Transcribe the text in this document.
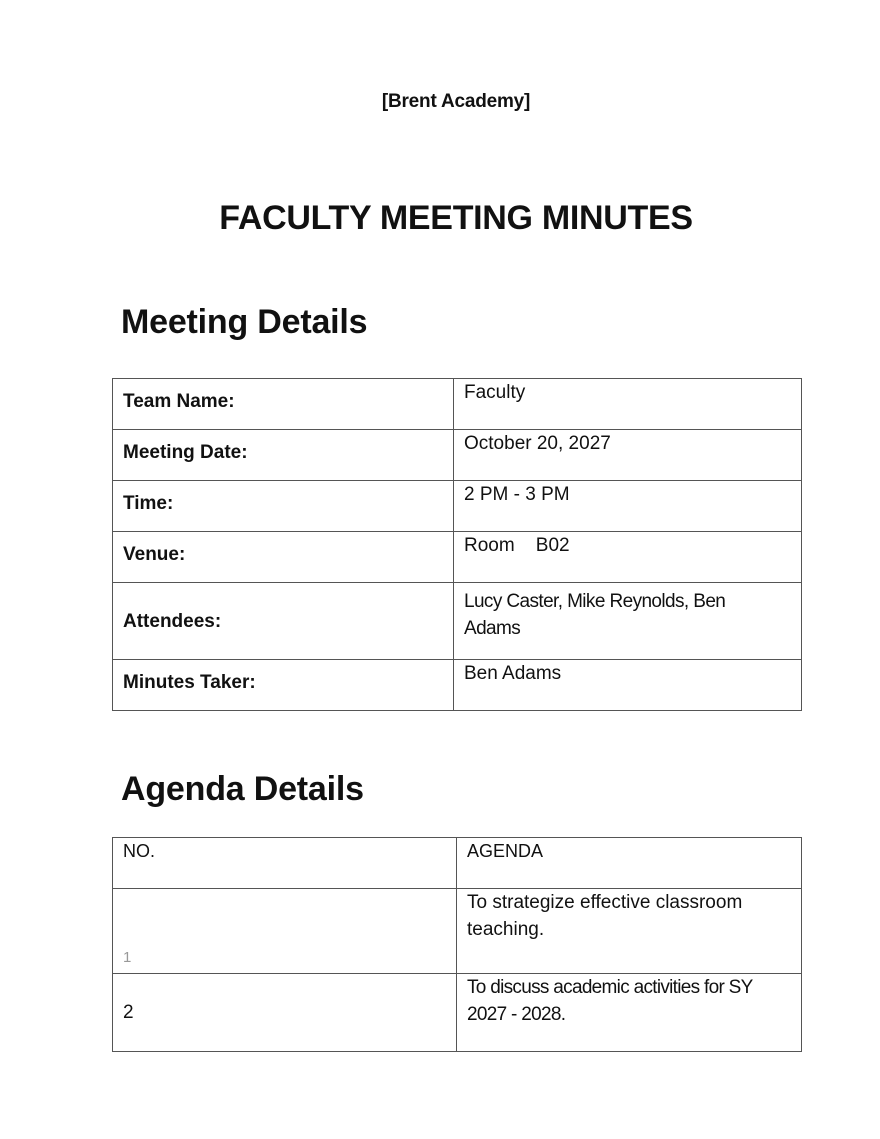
[Brent Academy]
FACULTY MEETING MINUTES
Meeting Details
Team Name:	Faculty
Meeting Date:	October 20, 2027
Time:	2 PM - 3 PM
Venue:	Room    B02
Attendees:	Lucy Caster, Mike Reynolds, Ben Adams
Minutes Taker:	Ben Adams
Agenda Details
NO.	AGENDA
1	To strategize effective classroom teaching.
2	To discuss academic activities for SY 2027 - 2028.
